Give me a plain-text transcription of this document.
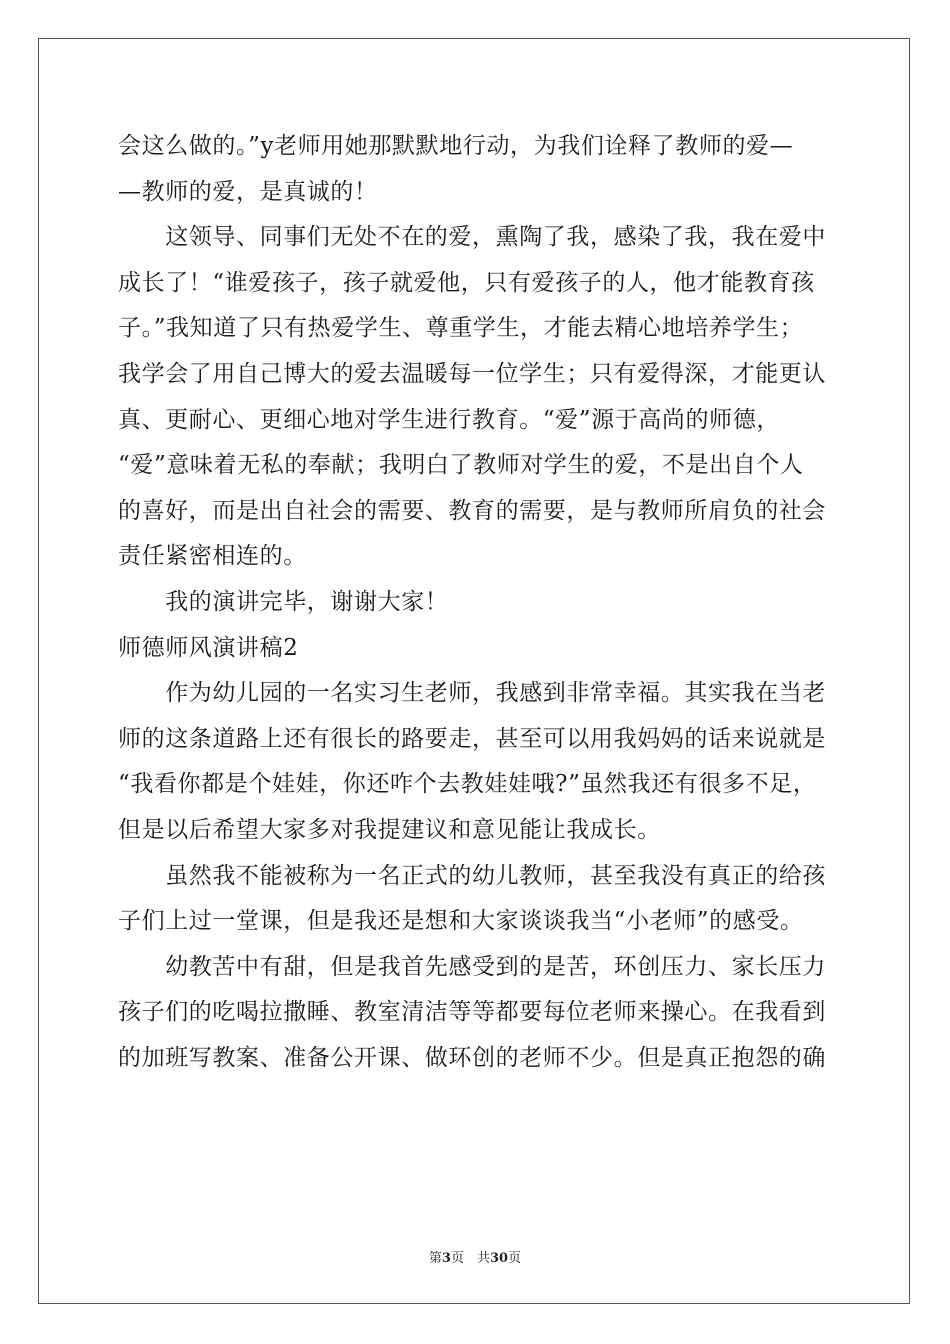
会这么做的。”y老师用她那默默地行动，为我们诠释了教师的爱—
—教师的爱，是真诚的！
　　这领导、同事们无处不在的爱，熏陶了我，感染了我，我在爱中
成长了！“谁爱孩子，孩子就爱他，只有爱孩子的人，他才能教育孩
子。”我知道了只有热爱学生、尊重学生，才能去精心地培养学生；
我学会了用自己博大的爱去温暖每一位学生；只有爱得深，才能更认
真、更耐心、更细心地对学生进行教育。“爱”源于高尚的师德，
“爱”意味着无私的奉献；我明白了教师对学生的爱，不是出自个人
的喜好，而是出自社会的需要、教育的需要，是与教师所肩负的社会
责任紧密相连的。
　　我的演讲完毕，谢谢大家！
师德师风演讲稿2
　　作为幼儿园的一名实习生老师，我感到非常幸福。其实我在当老
师的这条道路上还有很长的路要走，甚至可以用我妈妈的话来说就是
“我看你都是个娃娃，你还咋个去教娃娃哦?”虽然我还有很多不足，
但是以后希望大家多对我提建议和意见能让我成长。
　　虽然我不能被称为一名正式的幼儿教师，甚至我没有真正的给孩
子们上过一堂课，但是我还是想和大家谈谈我当“小老师”的感受。
　　幼教苦中有甜，但是我首先感受到的是苦，环创压力、家长压力
孩子们的吃喝拉撒睡、教室清洁等等都要每位老师来操心。在我看到
的加班写教案、准备公开课、做环创的老师不少。但是真正抱怨的确
第3页　共30页
